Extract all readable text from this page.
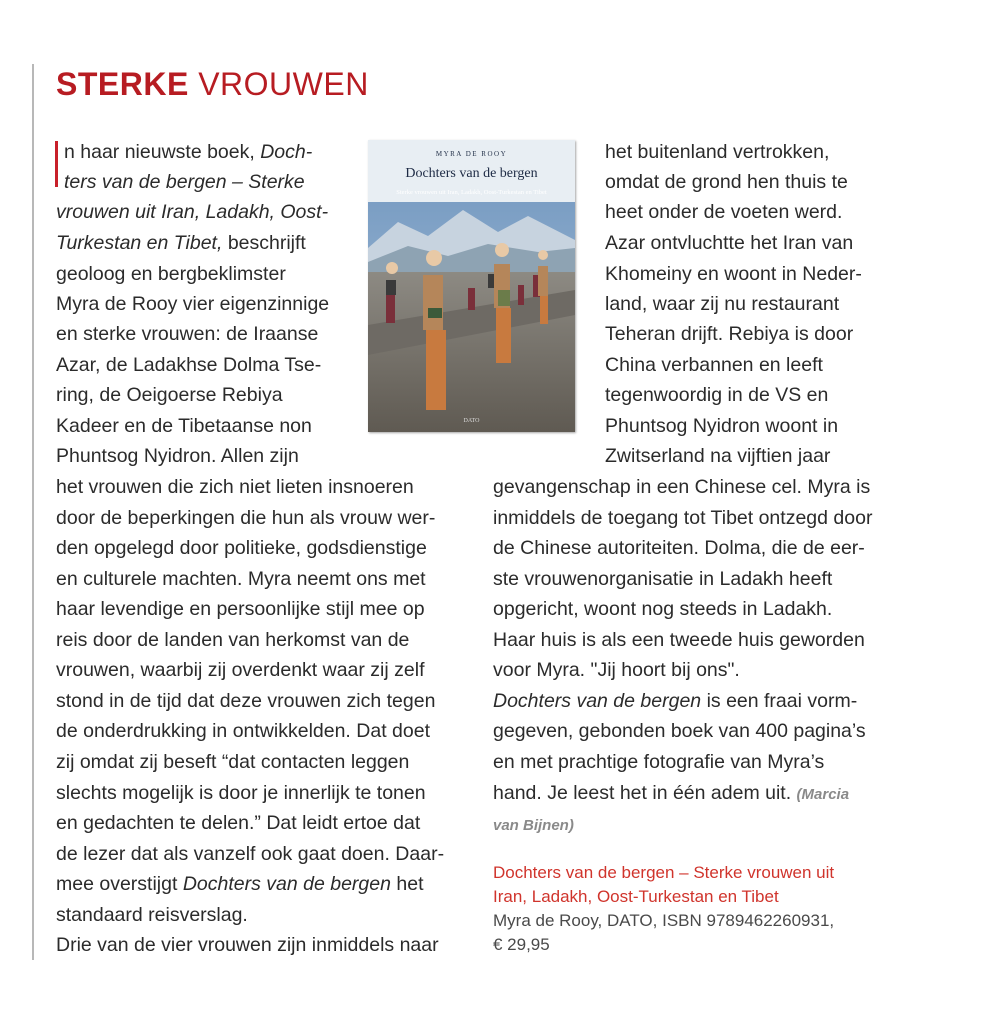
STERKE VROUWEN
n haar nieuwste boek, Doch-
ters van de bergen – Sterke
vrouwen uit Iran, Ladakh, Oost-
Turkestan en Tibet, beschrijft
geoloog en bergbeklimster
Myra de Rooy vier eigenzinnige
en sterke vrouwen: de Iraanse
Azar, de Ladakhse Dolma Tse-
ring, de Oeigoerse Rebiya
Kadeer en de Tibetaanse non
Phuntsog Nyidron. Allen zijn
het vrouwen die zich niet lieten insnoeren
door de beperkingen die hun als vrouw wer-
den opgelegd door politieke, godsdienstige
en culturele machten. Myra neemt ons met
haar levendige en persoonlijke stijl mee op
reis door de landen van herkomst van de
vrouwen, waarbij zij overdenkt waar zij zelf
stond in de tijd dat deze vrouwen zich tegen
de onderdrukking in ontwikkelden. Dat doet
zij omdat zij beseft “dat contacten leggen
slechts mogelijk is door je innerlijk te tonen
en gedachten te delen.” Dat leidt ertoe dat
de lezer dat als vanzelf ook gaat doen. Daar-
mee overstijgt Dochters van de bergen het
standaard reisverslag.
Drie van de vier vrouwen zijn inmiddels naar
MYRA DE ROOY
Dochters van de bergen
Sterke vrouwen uit Iran, Ladakh, Oost-Turkestan en Tibet
DATO
het buitenland vertrokken,
omdat de grond hen thuis te
heet onder de voeten werd.
Azar ontvluchtte het Iran van
Khomeiny en woont in Neder-
land, waar zij nu restaurant
Teheran drijft. Rebiya is door
China verbannen en leeft
tegenwoordig in de VS en
Phuntsog Nyidron woont in
Zwitserland na vijftien jaar
gevangenschap in een Chinese cel. Myra is
inmiddels de toegang tot Tibet ontzegd door
de Chinese autoriteiten. Dolma, die de eer-
ste vrouwenorganisatie in Ladakh heeft
opgericht, woont nog steeds in Ladakh.
Haar huis is als een tweede huis geworden
voor Myra. "Jij hoort bij ons".
Dochters van de bergen is een fraai vorm-
gegeven, gebonden boek van 400 pagina’s
en met prachtige fotografie van Myra’s
hand. Je leest het in één adem uit. (Marcia
van Bijnen)
Dochters van de bergen – Sterke vrouwen uit
Iran, Ladakh, Oost-Turkestan en Tibet
Myra de Rooy, DATO, ISBN 9789462260931,
€ 29,95
